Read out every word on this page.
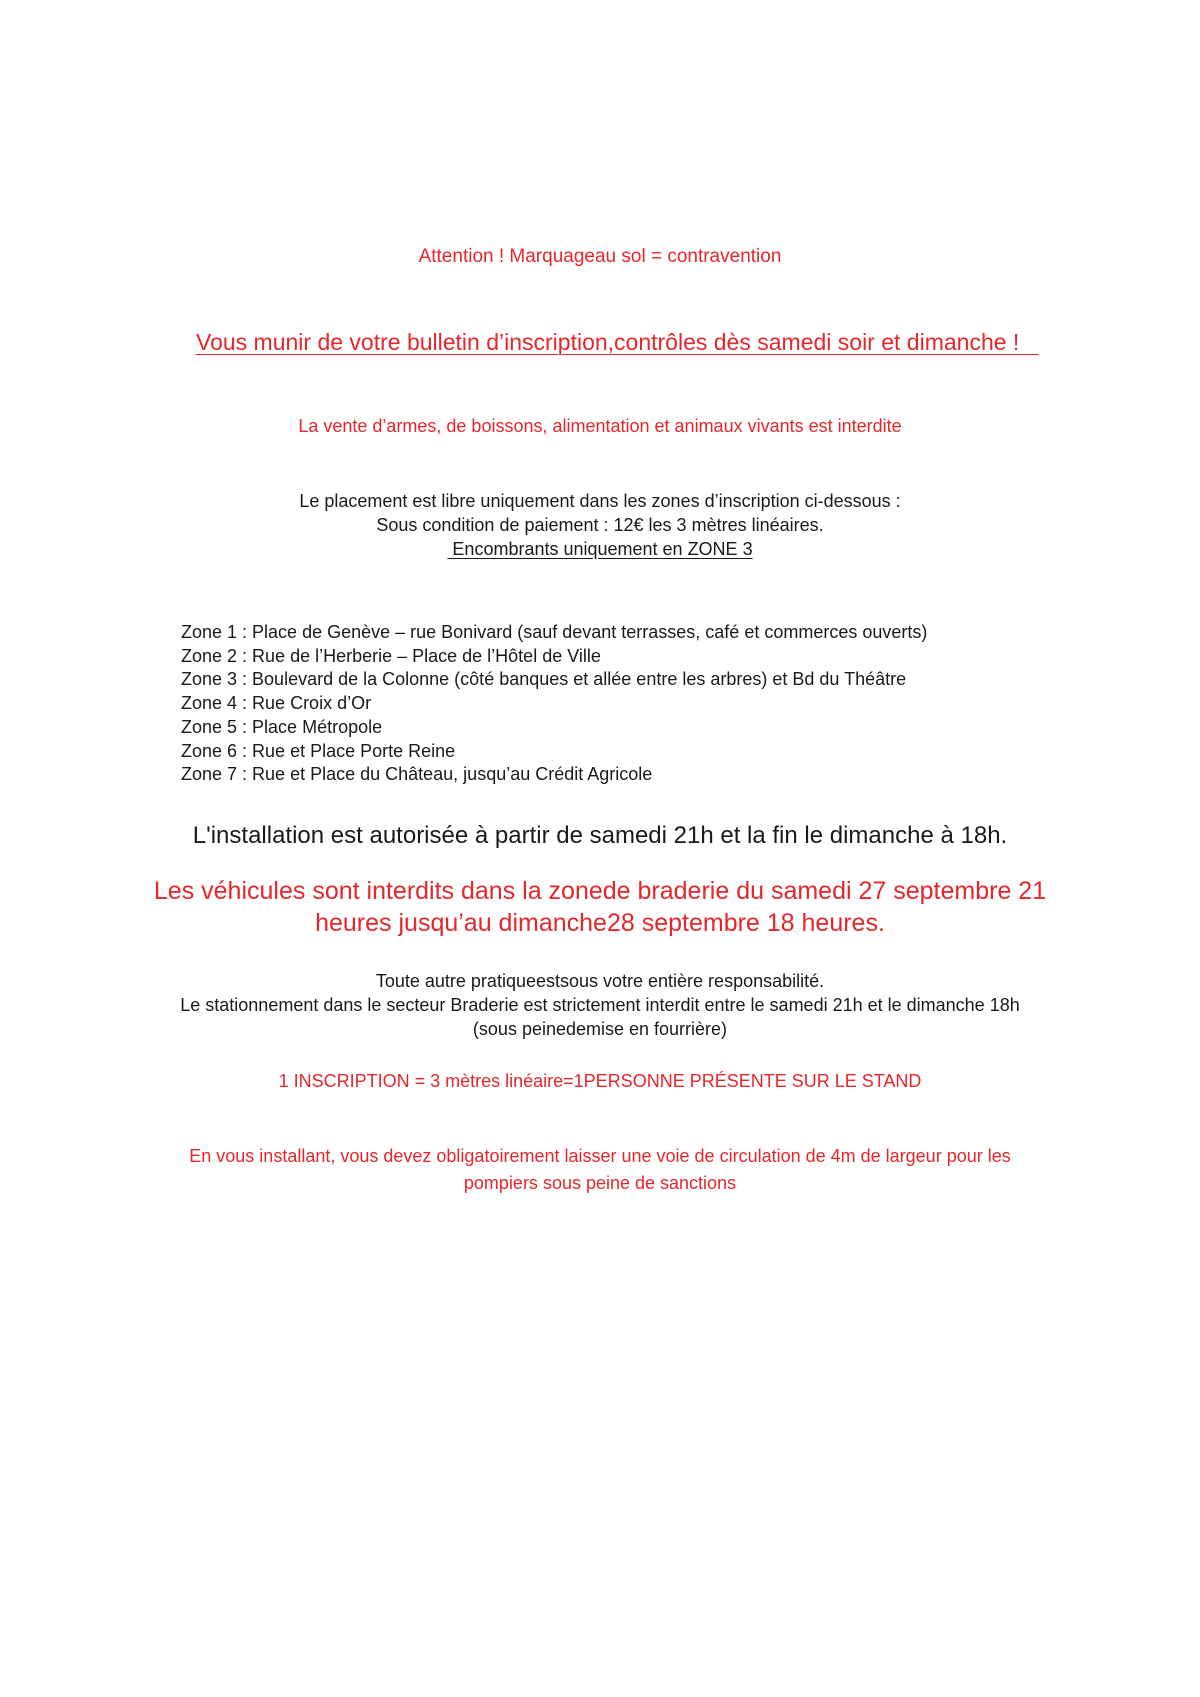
Attention ! Marquageau sol = contravention

Vous munir de votre bulletin d’inscription,contrôles dès samedi soir et dimanche !

La vente d’armes, de boissons, alimentation et animaux vivants est interdite

Le placement est libre uniquement dans les zones d’inscription ci-dessous :

Sous condition de paiement : 12€ les 3 mètres linéaires.

Encombrants uniquement en ZONE 3

Zone 1 : Place de Genève – rue Bonivard (sauf devant terrasses, café et commerces ouverts)
Zone 2 : Rue de l’Herberie – Place de l’Hôtel de Ville
Zone 3 : Boulevard de la Colonne (côté banques et allée entre les arbres) et Bd du Théâtre
Zone 4 : Rue Croix d’Or
Zone 5 : Place Métropole
Zone 6 : Rue et Place Porte Reine
Zone 7 : Rue et Place du Château, jusqu’au Crédit Agricole

L'installation est autorisée à partir de samedi 21h et la fin le dimanche à 18h.

Les véhicules sont interdits dans la zonede braderie du samedi 27 septembre 21

heures jusqu’au dimanche28 septembre 18 heures.

Toute autre pratiqueestsous votre entière responsabilité.

Le stationnement dans le secteur Braderie est strictement interdit entre le samedi 21h et le dimanche 18h

(sous peinedemise en fourrière)

1 INSCRIPTION = 3 mètres linéaire=1PERSONNE PRÉSENTE SUR LE STAND

En vous installant, vous devez obligatoirement laisser une voie de circulation de 4m de largeur pour les

pompiers sous peine de sanctions
